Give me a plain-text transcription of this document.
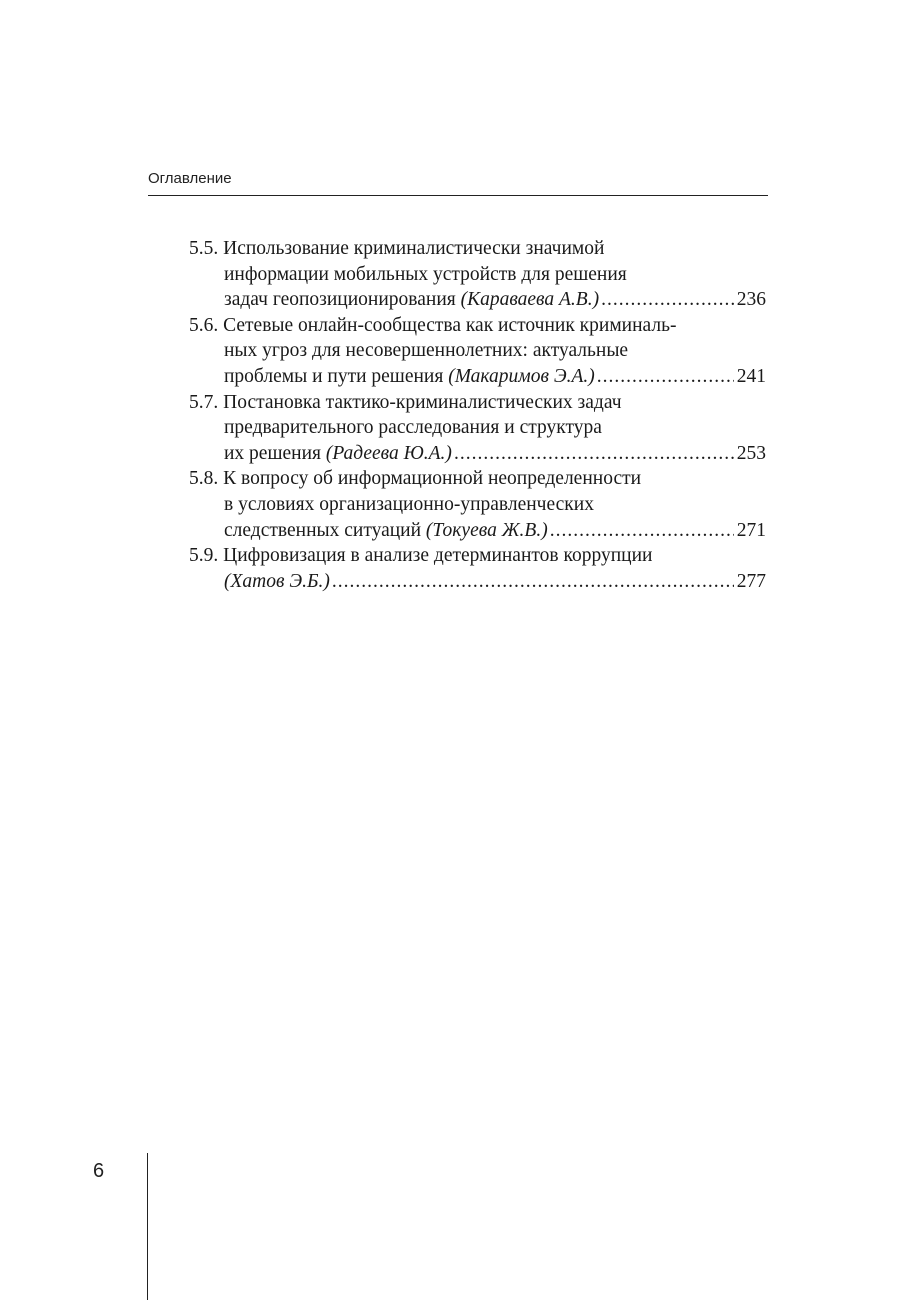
Оглавление
5.5. Использование криминалистически значимой
информации мобильных устройств для решения
задач геопозиционирования (Караваева А.В.) .....	236
5.6. Сетевые онлайн-сообщества как источник криминаль-
ных угроз для несовершеннолетних: актуальные
проблемы и пути решения (Макаримов Э.А.) .....	241
5.7. Постановка тактико-криминалистических задач
предварительного расследования и структура
их решения (Радеева Ю.А.) .....	253
5.8. К вопросу об информационной неопределенности
в условиях организационно-управленческих
следственных ситуаций (Токуева Ж.В.) .....	271
5.9. Цифровизация в анализе детерминантов коррупции
(Хатов Э.Б.) .....	277
6
